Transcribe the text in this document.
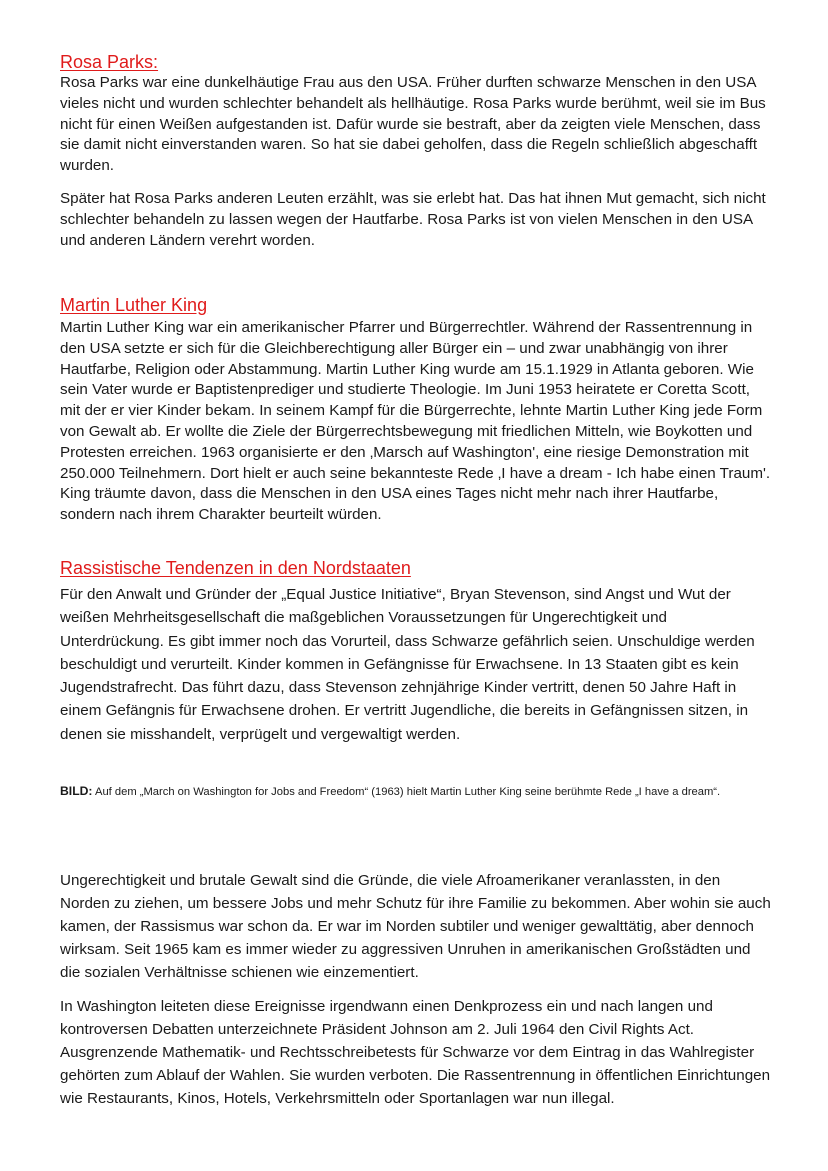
Rosa Parks:

Rosa Parks war eine dunkelhäutige Frau aus den USA. Früher durften schwarze Menschen in den USA vieles nicht und wurden schlechter behandelt als hellhäutige. Rosa Parks wurde berühmt, weil sie im Bus nicht für einen Weißen aufgestanden ist. Dafür wurde sie bestraft, aber da zeigten viele Menschen, dass sie damit nicht einverstanden waren. So hat sie dabei geholfen, dass die Regeln schließlich abgeschafft wurden.

Später hat Rosa Parks anderen Leuten erzählt, was sie erlebt hat. Das hat ihnen Mut gemacht, sich nicht schlechter behandeln zu lassen wegen der Hautfarbe. Rosa Parks ist von vielen Menschen in den USA und anderen Ländern verehrt worden.

Martin Luther King

Martin Luther King war ein amerikanischer Pfarrer und Bürgerrechtler. Während der Rassentrennung in den USA setzte er sich für die Gleichberechtigung aller Bürger ein – und zwar unabhängig von ihrer Hautfarbe, Religion oder Abstammung. Martin Luther King wurde am 15.1.1929 in Atlanta geboren. Wie sein Vater wurde er Baptistenprediger und studierte Theologie. Im Juni 1953 heiratete er Coretta Scott, mit der er vier Kinder bekam. In seinem Kampf für die Bürgerrechte, lehnte Martin Luther King jede Form von Gewalt ab. Er wollte die Ziele der Bürgerrechtsbewegung mit friedlichen Mitteln, wie Boykotten und Protesten erreichen. 1963 organisierte er den ‚Marsch auf Washington', eine riesige Demonstration mit 250.000 Teilnehmern. Dort hielt er auch seine bekannteste Rede ‚I have a dream - Ich habe einen Traum'. King träumte davon, dass die Menschen in den USA eines Tages nicht mehr nach ihrer Hautfarbe, sondern nach ihrem Charakter beurteilt würden.

Rassistische Tendenzen in den Nordstaaten

Für den Anwalt und Gründer der „Equal Justice Initiative“, Bryan Stevenson, sind Angst und Wut der weißen Mehrheitsgesellschaft die maßgeblichen Voraussetzungen für Ungerechtigkeit und Unterdrückung. Es gibt immer noch das Vorurteil, dass Schwarze gefährlich seien. Unschuldige werden beschuldigt und verurteilt. Kinder kommen in Gefängnisse für Erwachsene. In 13 Staaten gibt es kein Jugendstrafrecht. Das führt dazu, dass Stevenson zehnjährige Kinder vertritt, denen 50 Jahre Haft in einem Gefängnis für Erwachsene drohen. Er vertritt Jugendliche, die bereits in Gefängnissen sitzen, in denen sie misshandelt, verprügelt und vergewaltigt werden.

BILD: Auf dem „March on Washington for Jobs and Freedom“ (1963) hielt Martin Luther King seine berühmte Rede „I have a dream“.

Ungerechtigkeit und brutale Gewalt sind die Gründe, die viele Afroamerikaner veranlassten, in den Norden zu ziehen, um bessere Jobs und mehr Schutz für ihre Familie zu bekommen. Aber wohin sie auch kamen, der Rassismus war schon da. Er war im Norden subtiler und weniger gewalttätig, aber dennoch wirksam. Seit 1965 kam es immer wieder zu aggressiven Unruhen in amerikanischen Großstädten und die sozialen Verhältnisse schienen wie einzementiert.

In Washington leiteten diese Ereignisse irgendwann einen Denkprozess ein und nach langen und kontroversen Debatten unterzeichnete Präsident Johnson am 2. Juli 1964 den Civil Rights Act. Ausgrenzende Mathematik- und Rechtsschreibetests für Schwarze vor dem Eintrag in das Wahlregister gehörten zum Ablauf der Wahlen. Sie wurden verboten. Die Rassentrennung in öffentlichen Einrichtungen wie Restaurants, Kinos, Hotels, Verkehrsmitteln oder Sportanlagen war nun illegal.
